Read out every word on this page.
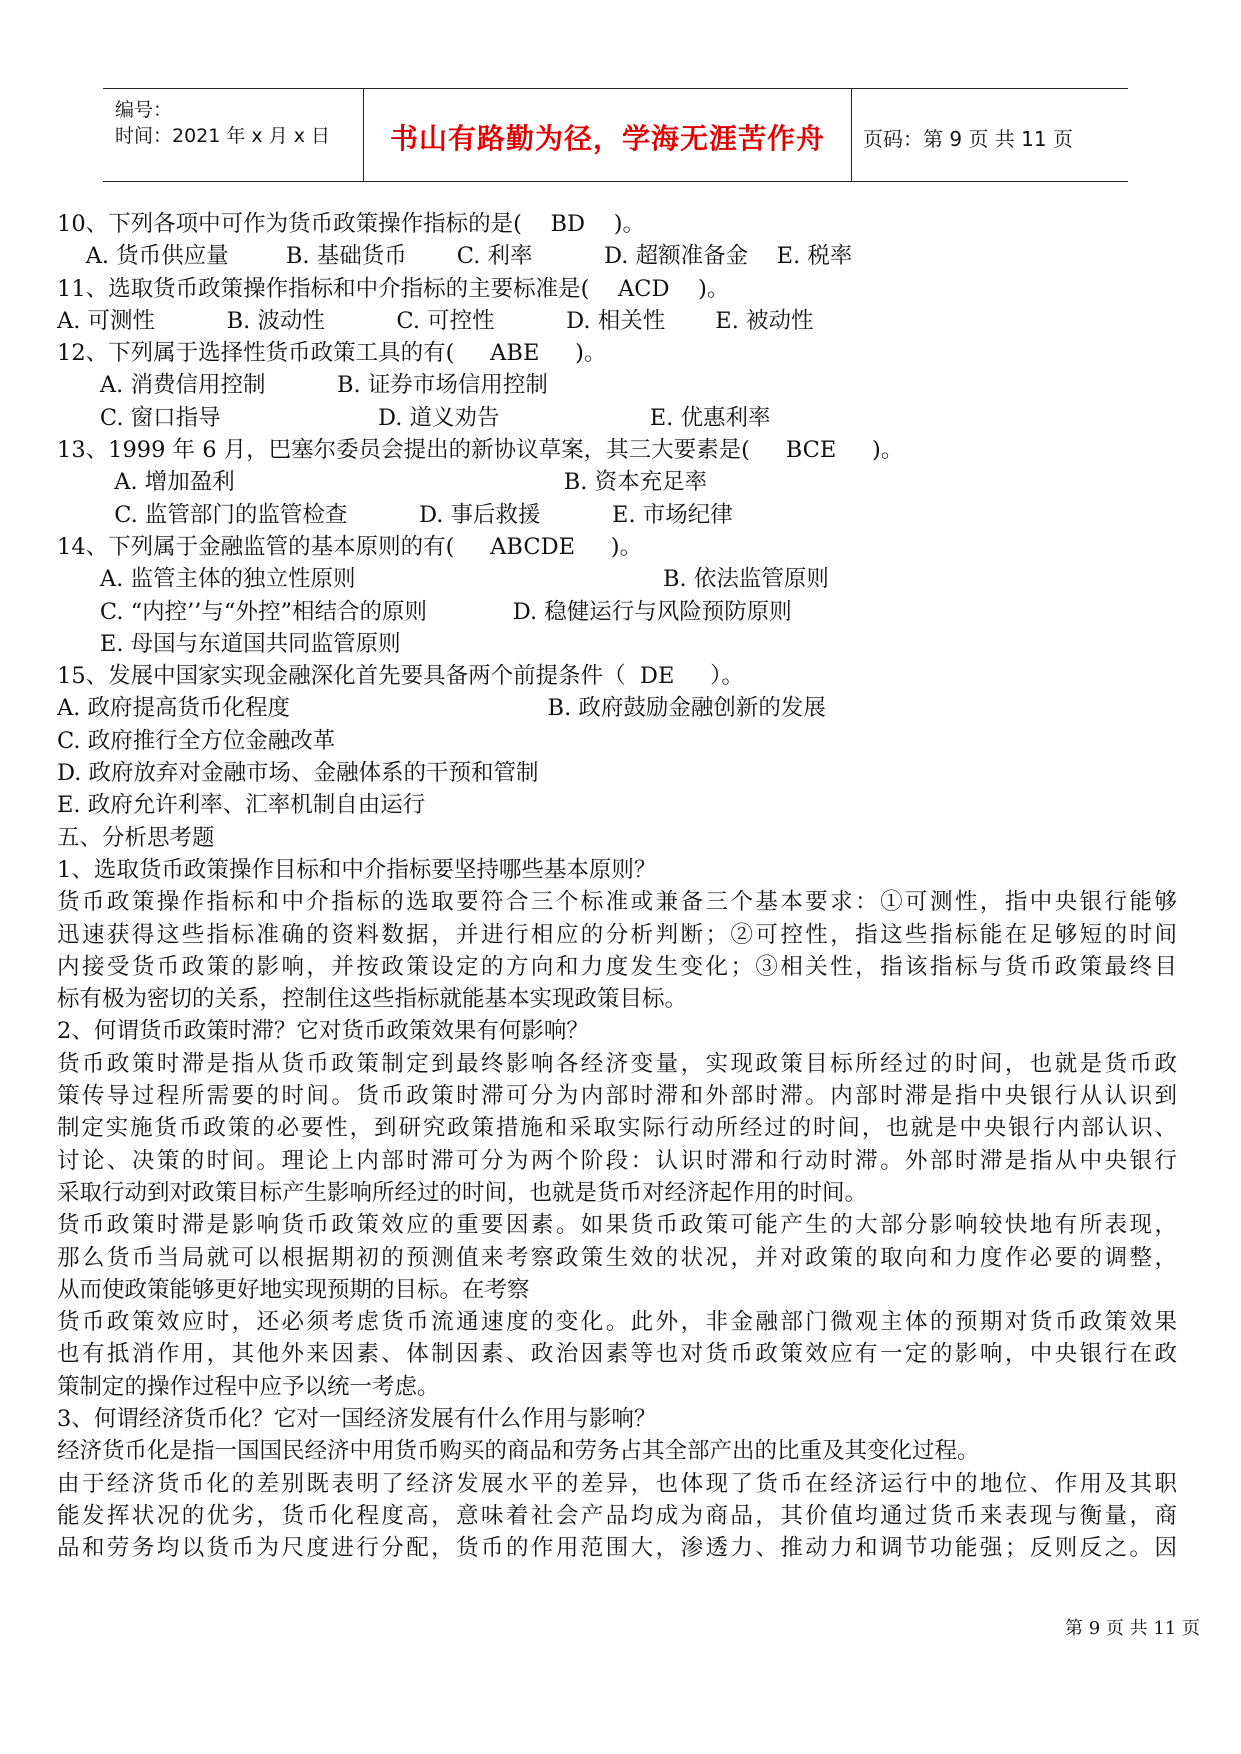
编号：
时间：2021 年 x 月 x 日	书山有路勤为径，学海无涯苦作舟	页码：第 9 页 共 11 页
10、下列各项中可作为货币政策操作指标的是(    BD    )。
A. 货币供应量        B. 基础货币       C. 利率          D. 超额准备金    E. 税率
11、选取货币政策操作指标和中介指标的主要标准是(    ACD    )。
A. 可测性          B. 波动性          C. 可控性          D. 相关性       E. 被动性
12、下列属于选择性货币政策工具的有(     ABE     )。
A. 消费信用控制          B. 证券市场信用控制
C. 窗口指导                      D. 道义劝告                     E. 优惠利率
13、1999 年 6 月，巴塞尔委员会提出的新协议草案，其三大要素是(     BCE     )。
A. 增加盈利                                              B. 资本充足率
C. 监管部门的监管检查          D. 事后救援          E. 市场纪律
14、下列属于金融监管的基本原则的有(     ABCDE     )。
A. 监管主体的独立性原则                                           B. 依法监管原则
C. “内控’’与“外控”相结合的原则            D. 稳健运行与风险预防原则
E. 母国与东道国共同监管原则
15、发展中国家实现金融深化首先要具备两个前提条件（  DE     ）。
A. 政府提高货币化程度                                    B. 政府鼓励金融创新的发展
C. 政府推行全方位金融改革
D. 政府放弃对金融市场、金融体系的干预和管制
E. 政府允许利率、汇率机制自由运行
五、分析思考题
1、选取货币政策操作目标和中介指标要坚持哪些基本原则？
货币政策操作指标和中介指标的选取要符合三个标准或兼备三个基本要求：①可测性，指中央银行能够
迅速获得这些指标准确的资料数据，并进行相应的分析判断；②可控性，指这些指标能在足够短的时间
内接受货币政策的影响，并按政策设定的方向和力度发生变化；③相关性，指该指标与货币政策最终目
标有极为密切的关系，控制住这些指标就能基本实现政策目标。
2、何谓货币政策时滞？它对货币政策效果有何影响？
货币政策时滞是指从货币政策制定到最终影响各经济变量，实现政策目标所经过的时间，也就是货币政
策传导过程所需要的时间。货币政策时滞可分为内部时滞和外部时滞。内部时滞是指中央银行从认识到
制定实施货币政策的必要性，到研究政策措施和采取实际行动所经过的时间，也就是中央银行内部认识、
讨论、决策的时间。理论上内部时滞可分为两个阶段：认识时滞和行动时滞。外部时滞是指从中央银行
采取行动到对政策目标产生影响所经过的时间，也就是货币对经济起作用的时间。
货币政策时滞是影响货币政策效应的重要因素。如果货币政策可能产生的大部分影响较快地有所表现，
那么货币当局就可以根据期初的预测值来考察政策生效的状况，并对政策的取向和力度作必要的调整，
从而使政策能够更好地实现预期的目标。在考察
货币政策效应时，还必须考虑货币流通速度的变化。此外，非金融部门微观主体的预期对货币政策效果
也有抵消作用，其他外来因素、体制因素、政治因素等也对货币政策效应有一定的影响，中央银行在政
策制定的操作过程中应予以统一考虑。
3、何谓经济货币化？它对一国经济发展有什么作用与影响？
经济货币化是指一国国民经济中用货币购买的商品和劳务占其全部产出的比重及其变化过程。
由于经济货币化的差别既表明了经济发展水平的差异，也体现了货币在经济运行中的地位、作用及其职
能发挥状况的优劣，货币化程度高，意味着社会产品均成为商品，其价值均通过货币来表现与衡量，商
品和劳务均以货币为尺度进行分配，货币的作用范围大，渗透力、推动力和调节功能强；反则反之。因
第 9 页 共 11 页
